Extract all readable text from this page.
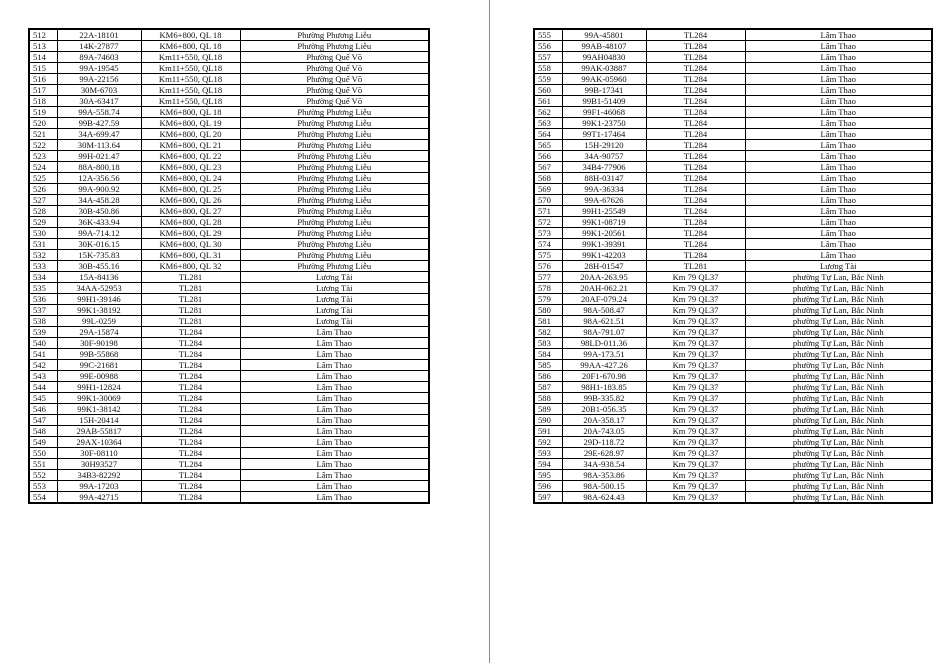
512	22A-18101	KM6+800, QL 18	Phường Phương Liễu
513	14K-27877	KM6+800, QL 18	Phường Phương Liễu
514	89A-74603	Km11+550, QL18	Phường Quế Võ
515	99A-19545	Km11+550, QL18	Phường Quế Võ
516	99A-22156	Km11+550, QL18	Phường Quế Võ
517	30M-6703	Km11+550, QL18	Phường Quế Võ
518	30A-63417	Km11+550, QL18	Phường Quế Võ
519	99A-558.74	KM6+800, QL 18	Phường Phương Liễu
520	99B-427.59	KM6+800, QL 19	Phường Phương Liễu
521	34A-699.47	KM6+800, QL 20	Phường Phương Liễu
522	30M-113.64	KM6+800, QL 21	Phường Phương Liễu
523	99H-021.47	KM6+800, QL 22	Phường Phương Liễu
524	88A-800.18	KM6+800, QL 23	Phường Phương Liễu
525	12A-356.56	KM6+800, QL 24	Phường Phương Liễu
526	99A-900.92	KM6+800, QL 25	Phường Phương Liễu
527	34A-458.28	KM6+800, QL 26	Phường Phương Liễu
528	30B-450.86	KM6+800, QL 27	Phường Phương Liễu
529	36K-433.94	KM6+800, QL 28	Phường Phương Liễu
530	99A-714.12	KM6+800, QL 29	Phường Phương Liễu
531	30K-016.15	KM6+800, QL 30	Phường Phương Liễu
532	15K-735.83	KM6+800, QL 31	Phường Phương Liễu
533	30B-455.16	KM6+800, QL 32	Phường Phương Liễu
534	15A-84136	TL281	Lương Tài
535	34AA-52953	TL281	Lương Tài
536	99H1-39146	TL281	Lương Tài
537	99K1-38192	TL281	Lương Tài
538	99L-0259	TL281	Lương Tài
539	29A-15874	TL284	Lâm Thao
540	30F-90198	TL284	Lâm Thao
541	99B-55868	TL284	Lâm Thao
542	99C-21681	TL284	Lâm Thao
543	99E-00988	TL284	Lâm Thao
544	99H1-12824	TL284	Lâm Thao
545	99K1-30069	TL284	Lâm Thao
546	99K1-38142	TL284	Lâm Thao
547	15H-20414	TL284	Lâm Thao
548	29AB-55817	TL284	Lâm Thao
549	29AX-10364	TL284	Lâm Thao
550	30F-08110	TL284	Lâm Thao
551	30H93527	TL284	Lâm Thao
552	34B3-82292	TL284	Lâm Thao
553	99A-17203	TL284	Lâm Thao
554	99A-42715	TL284	Lâm Thao
555	99A-45801	TL284	Lâm Thao
556	99AB-48107	TL284	Lâm Thao
557	99AH04830	TL284	Lâm Thao
558	99AK-03887	TL284	Lâm Thao
559	99AK-05960	TL284	Lâm Thao
560	99B-17341	TL284	Lâm Thao
561	99B1-51409	TL284	Lâm Thao
562	99F1-46068	TL284	Lâm Thao
563	99K1-23750	TL284	Lâm Thao
564	99T1-17464	TL284	Lâm Thao
565	15H-29120	TL284	Lâm Thao
566	34A-90757	TL284	Lâm Thao
567	34B4-77906	TL284	Lâm Thao
568	88H-03147	TL284	Lâm Thao
569	99A-36334	TL284	Lâm Thao
570	99A-67626	TL284	Lâm Thao
571	99H1-25549	TL284	Lâm Thao
572	99K1-08719	TL284	Lâm Thao
573	99K1-20561	TL284	Lâm Thao
574	99K1-39391	TL284	Lâm Thao
575	99K1-42203	TL284	Lâm Thao
576	28H-01547	TL281	Lương Tài
577	20AA-263.95	Km 79 QL37	phường Tự Lan, Bắc Ninh
578	20AH-062.21	Km 79 QL37	phường Tự Lan, Bắc Ninh
579	20AF-079.24	Km 79 QL37	phường Tự Lan, Bắc Ninh
580	98A-508.47	Km 79 QL37	phường Tự Lan, Bắc Ninh
581	98A-621.51	Km 79 QL37	phường Tự Lan, Bắc Ninh
582	98A-791.07	Km 79 QL37	phường Tự Lan, Bắc Ninh
583	98LD-011.36	Km 79 QL37	phường Tự Lan, Bắc Ninh
584	99A-173.51	Km 79 QL37	phường Tự Lan, Bắc Ninh
585	99AA-427.26	Km 79 QL37	phường Tự Lan, Bắc Ninh
586	20F1-670.98	Km 79 QL37	phường Tự Lan, Bắc Ninh
587	98H1-183.85	Km 79 QL37	phường Tự Lan, Bắc Ninh
588	99B-335.82	Km 79 QL37	phường Tự Lan, Bắc Ninh
589	20B1-056.35	Km 79 QL37	phường Tự Lan, Bắc Ninh
590	20A-358.17	Km 79 QL37	phường Tự Lan, Bắc Ninh
591	20A-743.05	Km 79 QL37	phường Tự Lan, Bắc Ninh
592	29D-118.72	Km 79 QL37	phường Tự Lan, Bắc Ninh
593	29E-628.97	Km 79 QL37	phường Tự Lan, Bắc Ninh
594	34A-938.54	Km 79 QL37	phường Tự Lan, Bắc Ninh
595	98A-353.86	Km 79 QL37	phường Tự Lan, Bắc Ninh
596	98A-500.15	Km 79 QL37	phường Tự Lan, Bắc Ninh
597	98A-624.43	Km 79 QL37	phường Tự Lan, Bắc Ninh
